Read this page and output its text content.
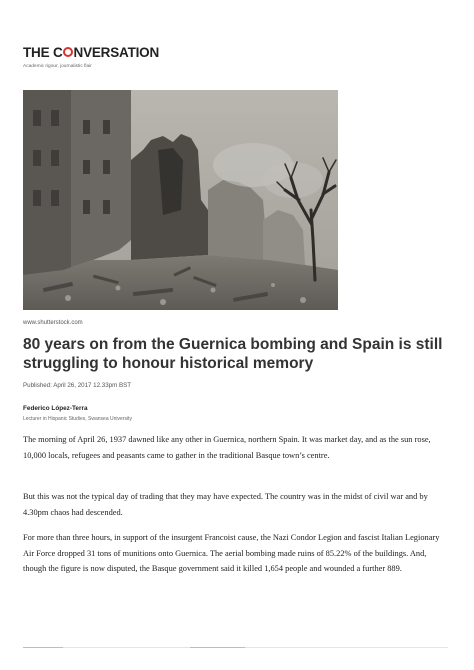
THE C NVERSATION
Academic rigour, journalistic flair
www.shutterstock.com
80 years on from the Guernica bombing and Spain is still struggling to honour historical memory
Published: April 26, 2017 12.33pm BST
Federico López-Terra
Lecturer in Hispanic Studies, Swansea University

The morning of April 26, 1937 dawned like any other in Guernica, northern Spain. It was market day, and as the sun rose, 10,000 locals, refugees and peasants came to gather in the traditional Basque town’s centre.

But this was not the typical day of trading that they may have expected. The country was in the midst of civil war and by 4.30pm chaos had descended.

For more than three hours, in support of the insurgent Francoist cause, the Nazi Condor Legion and fascist Italian Legionary Air Force dropped 31 tons of munitions onto Guernica. The aerial bombing made ruins of 85.22% of the buildings. And, though the figure is now disputed, the Basque government said it killed 1,654 people and wounded a further 889.
